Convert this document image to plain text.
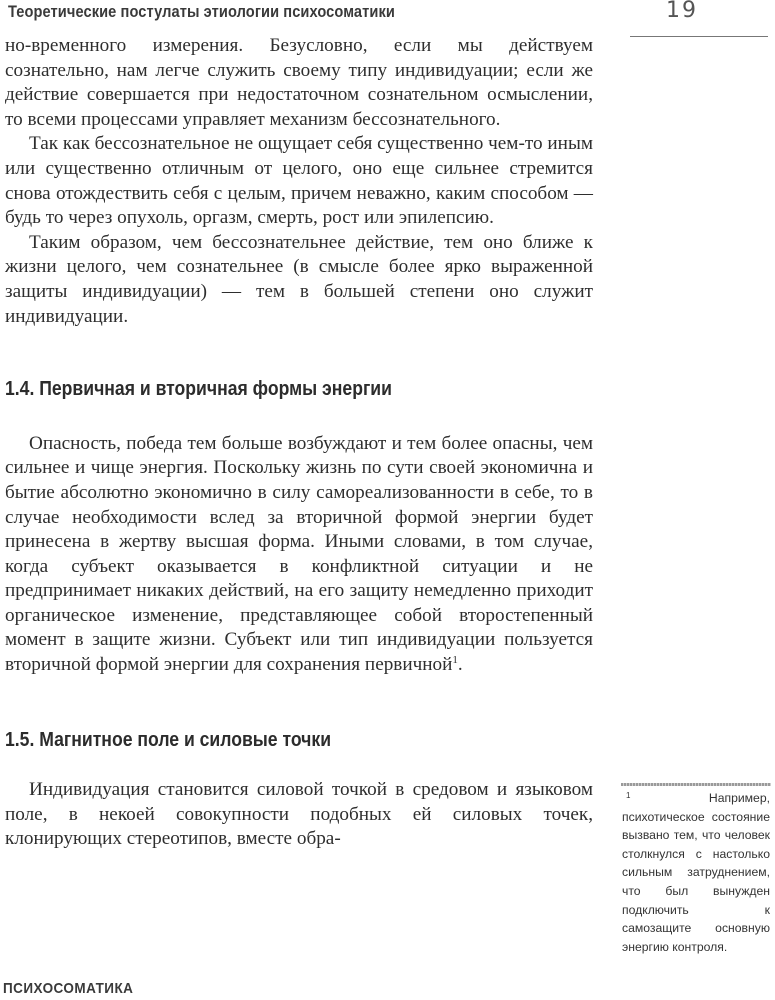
Теоретические постулаты этиологии психосоматики	19

но-временного измерения. Безусловно, если мы действуем сознательно, нам легче служить своему типу индивидуации; если же действие совершается при недостаточном сознательном осмыслении, то всеми процессами управляет механизм бессознательного.

Так как бессознательное не ощущает себя существенно чем-то иным или существенно отличным от целого, оно еще сильнее стремится снова отождествить себя с целым, причем неважно, каким способом — будь то через опухоль, оргазм, смерть, рост или эпилепсию.

Таким образом, чем бессознательнее действие, тем оно ближе к жизни целого, чем сознательнее (в смысле более ярко выраженной защиты индивидуации) — тем в большей степени оно служит индивидуации.

1.4. Первичная и вторичная формы энергии

Опасность, победа тем больше возбуждают и тем более опасны, чем сильнее и чище энергия. Поскольку жизнь по сути своей экономична и бытие абсолютно экономично в силу самореализованности в себе, то в случае необходимости вслед за вторичной формой энергии будет принесена в жертву высшая форма. Иными словами, в том случае, когда субъект оказывается в конфликтной ситуации и не предпринимает никаких действий, на его защиту немедленно приходит органическое изменение, представляющее собой второстепенный момент в защите жизни. Субъект или тип индивидуации пользуется вторичной формой энергии для сохранения первичной$^1$.

1.5. Магнитное поле и силовые точки

Индивидуация становится силовой точкой в средовом и языковом поле, в некоей совокупности подобных ей силовых точек, клонирующих стереотипов, вместе обра-

$^1$	Например, психотическое состояние вызвано тем, что человек столкнулся с настолько сильным затруднением, что был вынужден подключить к самозащите основную энергию контроля.

ПСИХОСОМАТИКА
